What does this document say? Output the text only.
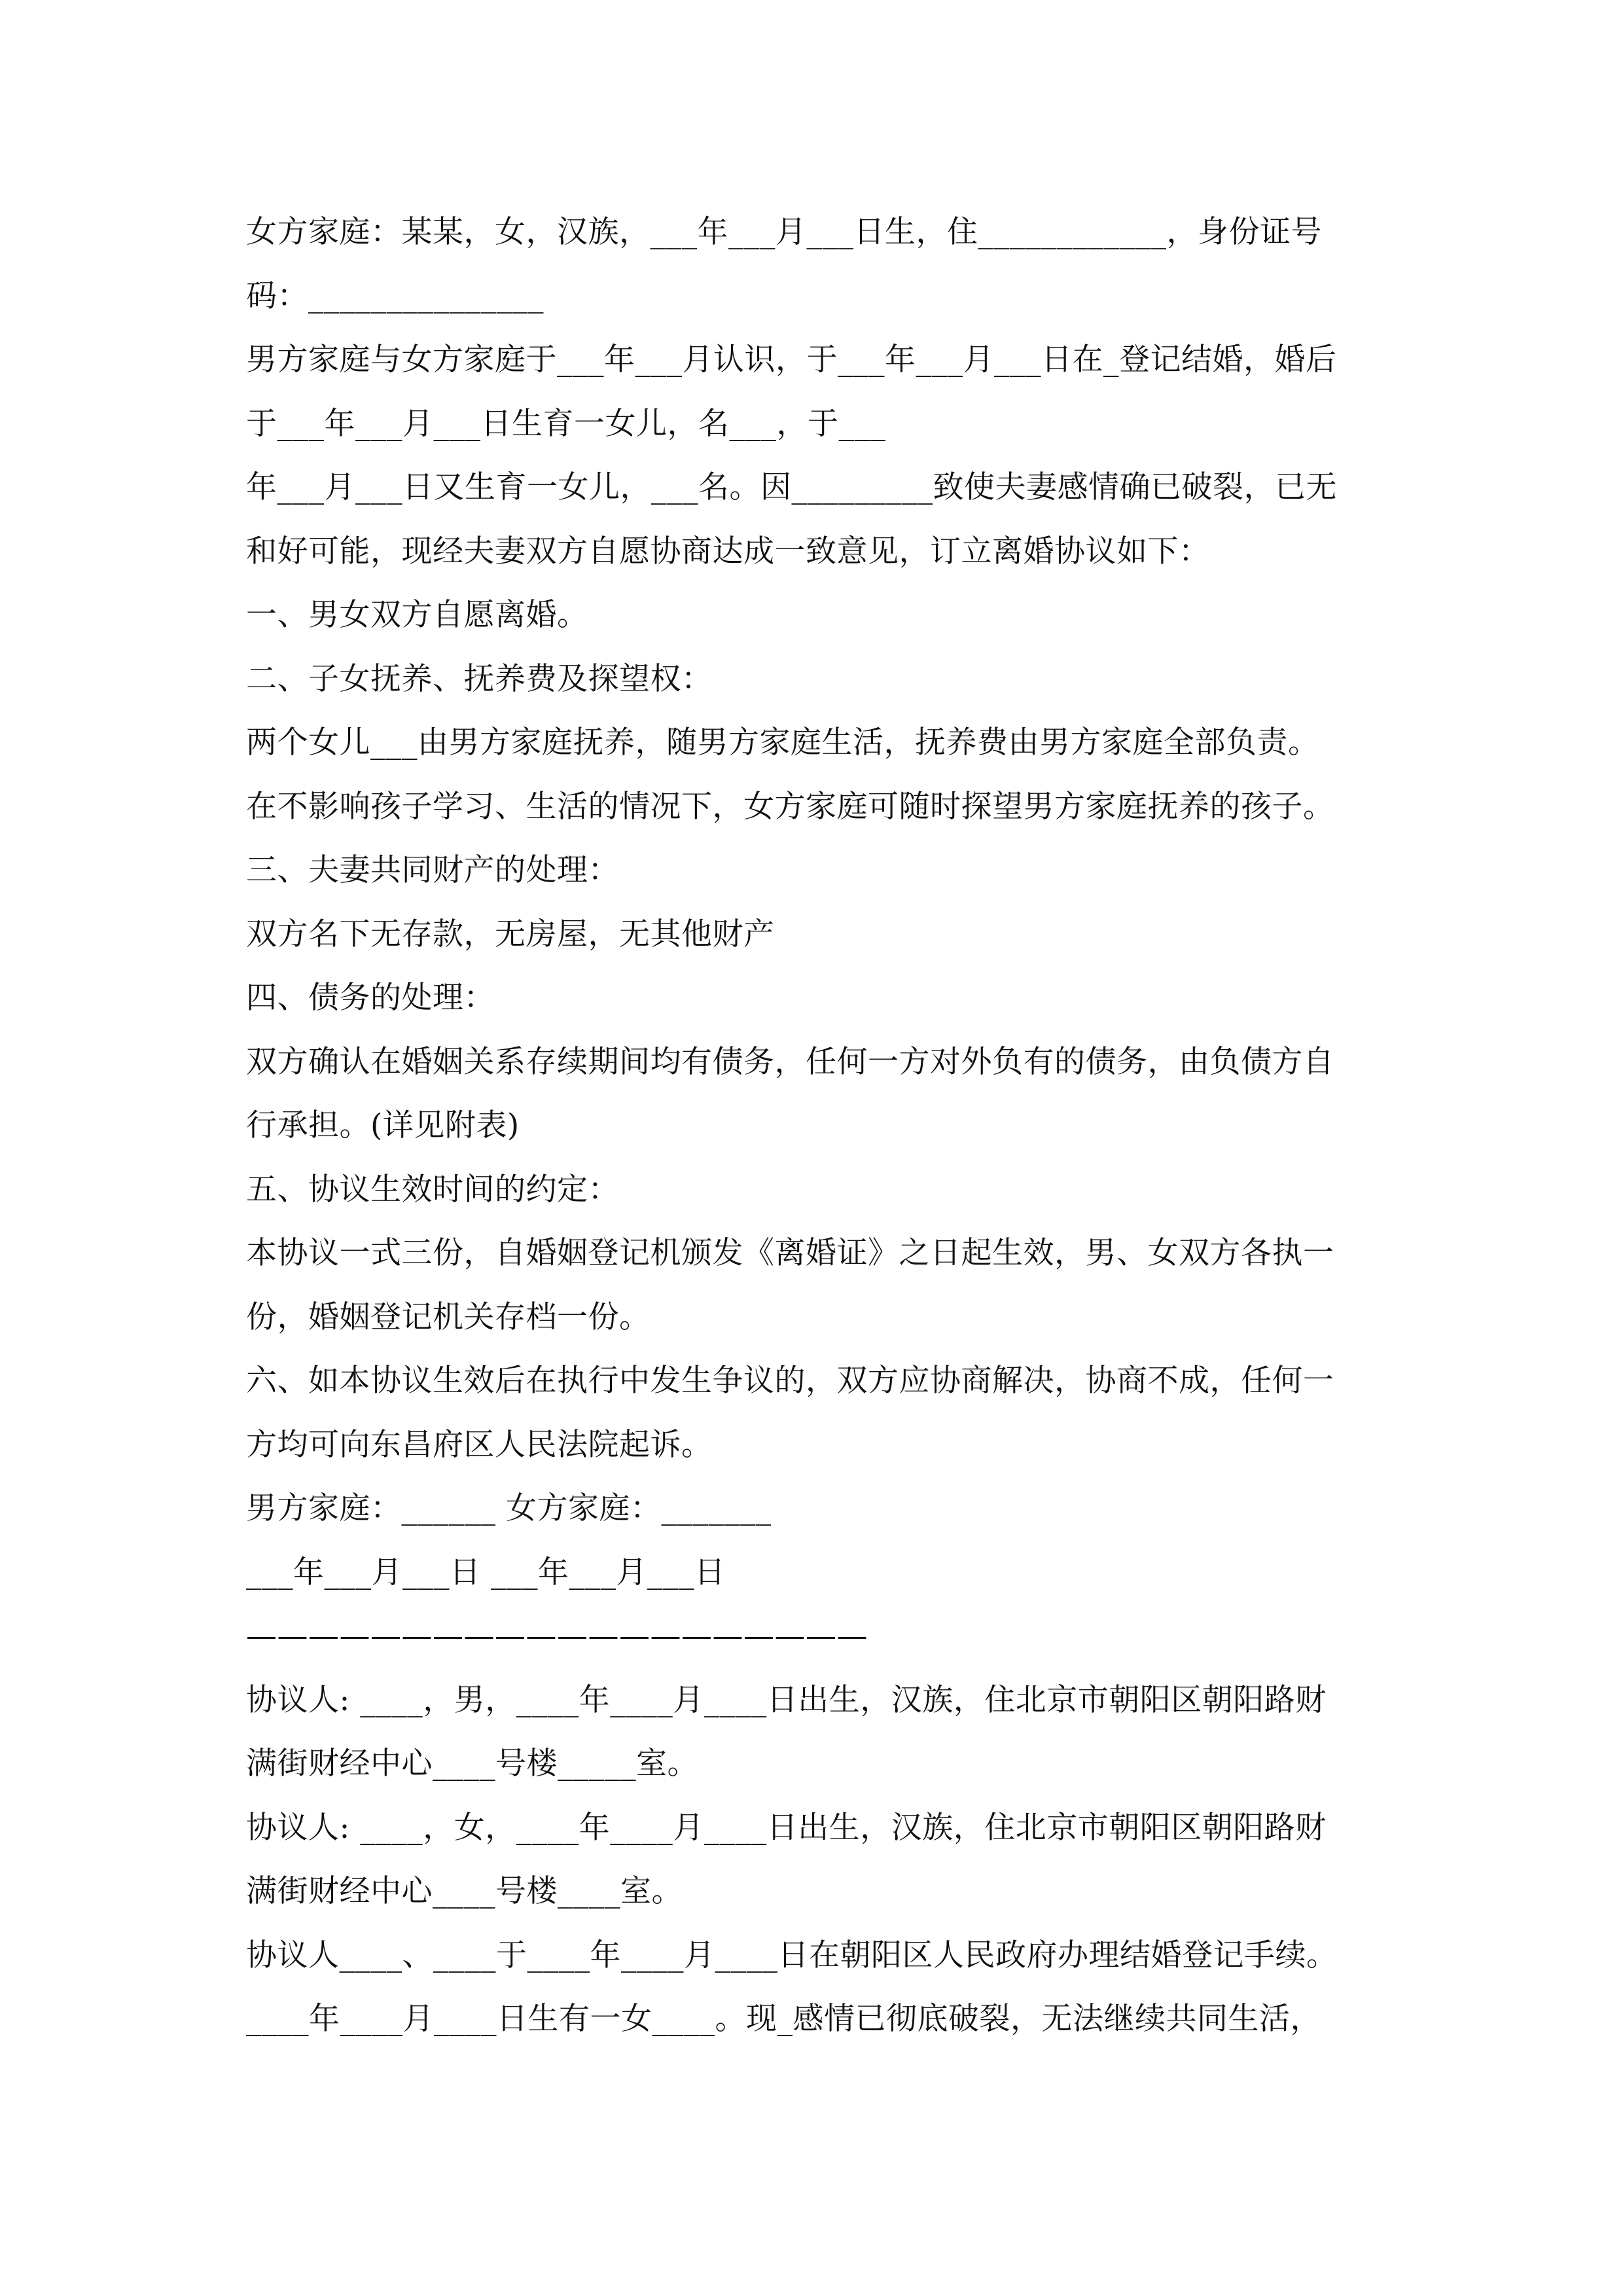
女方家庭：某某，女，汉族，___年___月___日生，住____________，身份证号
码：_______________
男方家庭与女方家庭于___年___月认识，于___年___月___日在_登记结婚，婚后
于___年___月___日生育一女儿，名___，于___
年___月___日又生育一女儿，___名。因_________致使夫妻感情确已破裂，已无
和好可能，现经夫妻双方自愿协商达成一致意见，订立离婚协议如下：
一、男女双方自愿离婚。
二、子女抚养、抚养费及探望权：
两个女儿___由男方家庭抚养，随男方家庭生活，抚养费由男方家庭全部负责。
在不影响孩子学习、生活的情况下，女方家庭可随时探望男方家庭抚养的孩子。
三、夫妻共同财产的处理：
双方名下无存款，无房屋，无其他财产
四、债务的处理：
双方确认在婚姻关系存续期间均有债务，任何一方对外负有的债务，由负债方自
行承担。(详见附表)
五、协议生效时间的约定：
本协议一式三份，自婚姻登记机颁发《离婚证》之日起生效，男、女双方各执一
份，婚姻登记机关存档一份。
六、如本协议生效后在执行中发生争议的，双方应协商解决，协商不成，任何一
方均可向东昌府区人民法院起诉。
男方家庭：______ 女方家庭：_______
___年___月___日 ___年___月___日
————————————————————
协议人: ____，男，____年____月____日出生，汉族，住北京市朝阳区朝阳路财
满街财经中心____号楼_____室。
协议人: ____，女，____年____月____日出生，汉族，住北京市朝阳区朝阳路财
满街财经中心____号楼____室。
协议人____、____于____年____月____日在朝阳区人民政府办理结婚登记手续。
____年____月____日生有一女____。现_感情已彻底破裂，无法继续共同生活，
